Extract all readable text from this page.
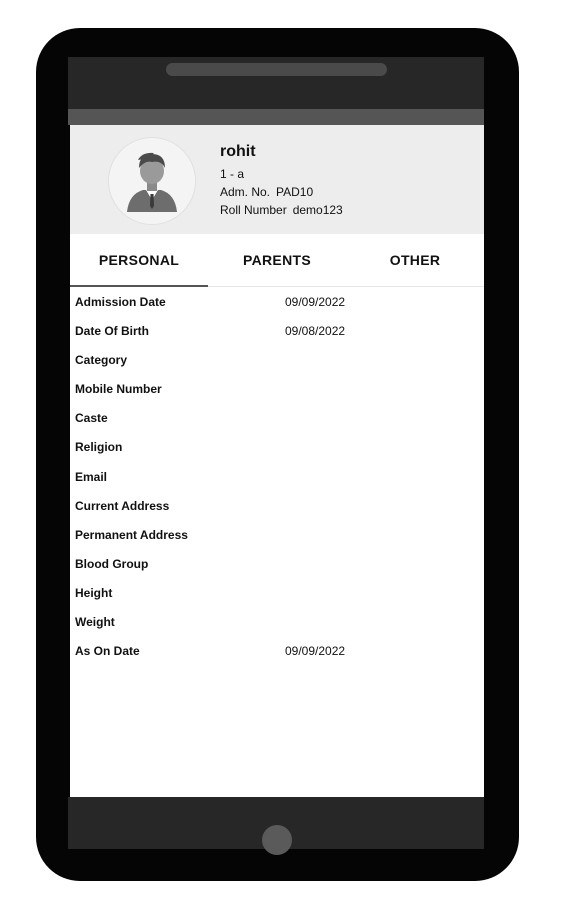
rohit
1 - a
Adm. No. PAD10
Roll Number demo123
PERSONAL	PARENTS	OTHER
Admission Date	09/09/2022
Date Of Birth	09/08/2022
Category
Mobile Number
Caste
Religion
Email
Current Address
Permanent Address
Blood Group
Height
Weight
As On Date	09/09/2022
